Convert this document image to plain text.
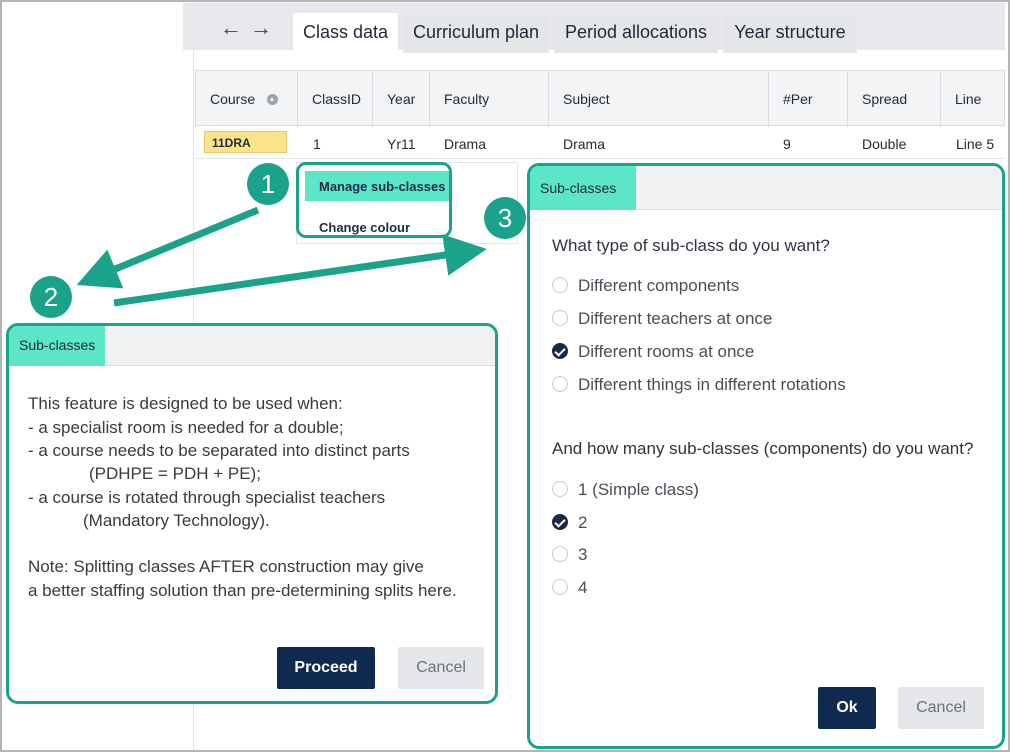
← →	Class data	Curriculum plan	Period allocations	Year structure
Course	ClassID	Year	Faculty	Subject	#Per	Spread	Line
11DRA	1	Yr11	Drama	Drama	9	Double	Line 5
Manage sub-classes
Change colour
1
2
3
Sub-classes
This feature is designed to be used when:
- a specialist room is needed for a double;
- a course needs to be separated into distinct parts
(PDHPE = PDH + PE);
- a course is rotated through specialist teachers
(Mandatory Technology).
Note: Splitting classes AFTER construction may give
a better staffing solution than pre-determining splits here.
Proceed	Cancel
Sub-classes
What type of sub-class do you want?
Different components
Different teachers at once
Different rooms at once
Different things in different rotations
And how many sub-classes (components) do you want?
1 (Simple class)
2
3
4
Ok	Cancel
